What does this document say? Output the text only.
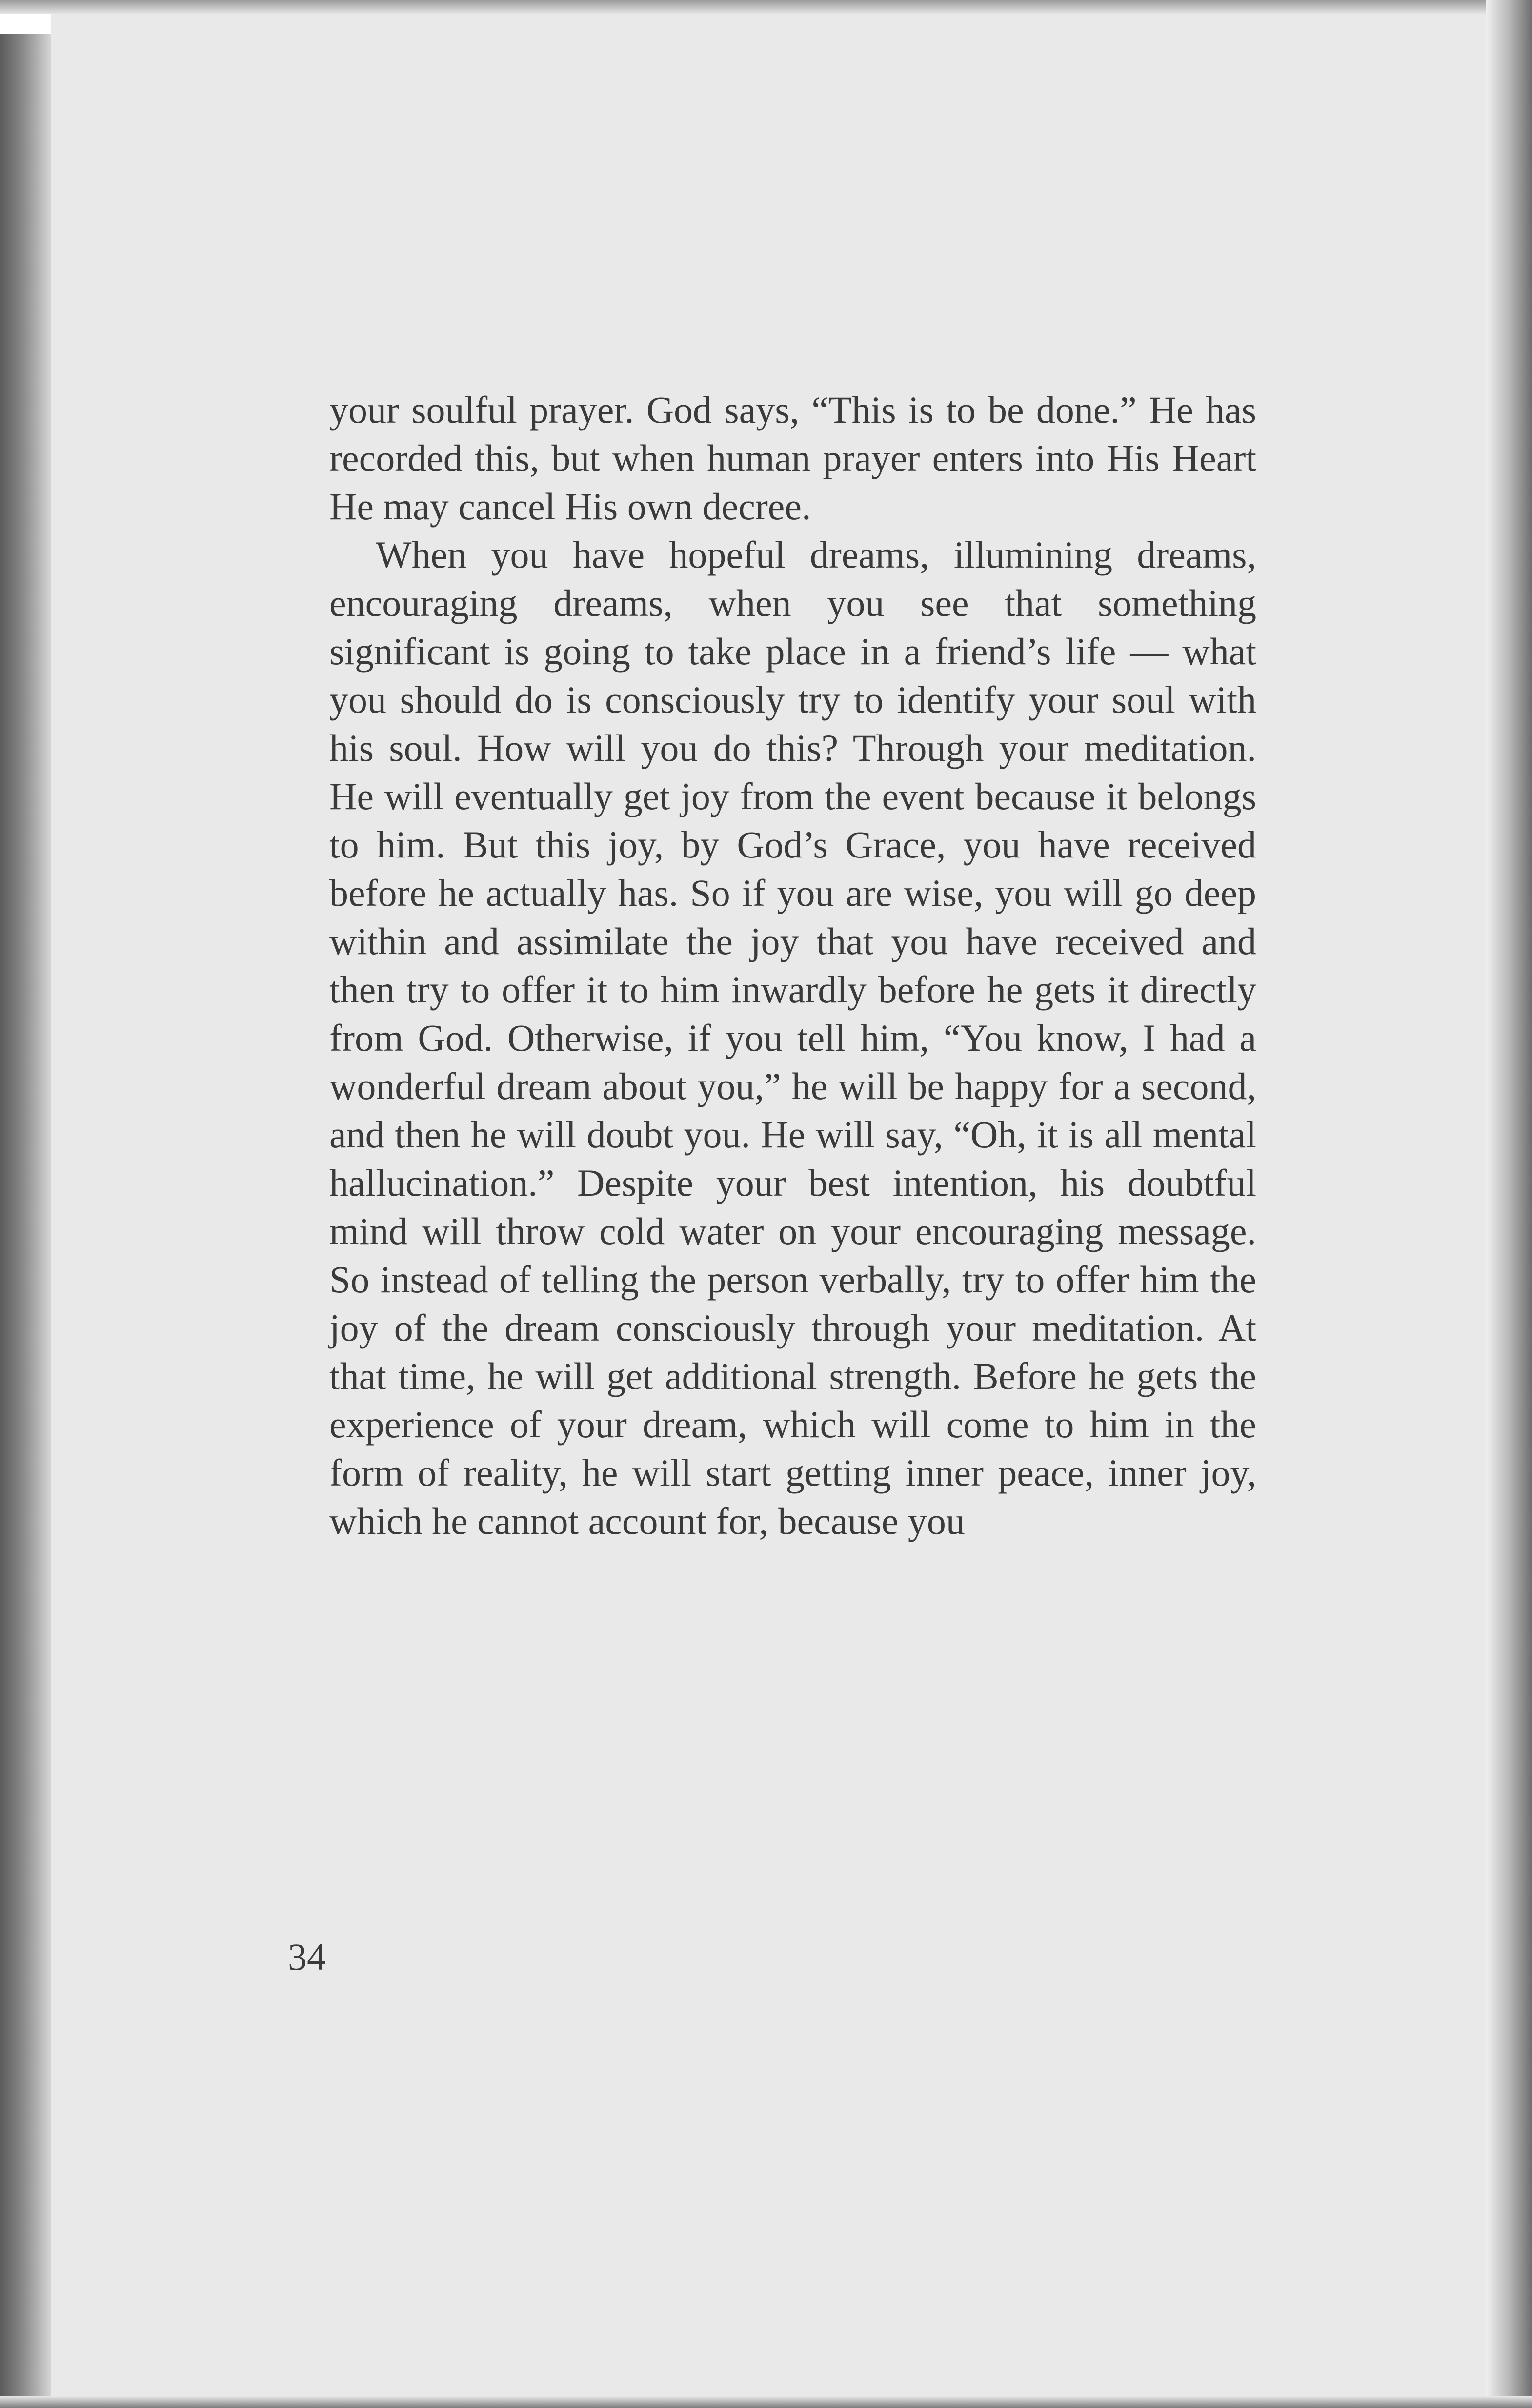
your soulful prayer. God says, “This is to be done.” He has recorded this, but when human prayer enters into His Heart He may cancel His own decree.

When you have hopeful dreams, illumining dreams, encouraging dreams, when you see that something significant is going to take place in a friend’s life — what you should do is consciously try to identify your soul with his soul. How will you do this? Through your meditation. He will eventually get joy from the event because it belongs to him. But this joy, by God’s Grace, you have received before he actually has. So if you are wise, you will go deep within and assimilate the joy that you have received and then try to offer it to him inwardly before he gets it directly from God. Otherwise, if you tell him, “You know, I had a wonderful dream about you,” he will be happy for a second, and then he will doubt you. He will say, “Oh, it is all mental hallucination.” Despite your best intention, his doubtful mind will throw cold water on your encouraging message. So instead of telling the person verbally, try to offer him the joy of the dream consciously through your meditation. At that time, he will get additional strength. Before he gets the experience of your dream, which will come to him in the form of reality, he will start getting inner peace, inner joy, which he cannot account for, because you

34
